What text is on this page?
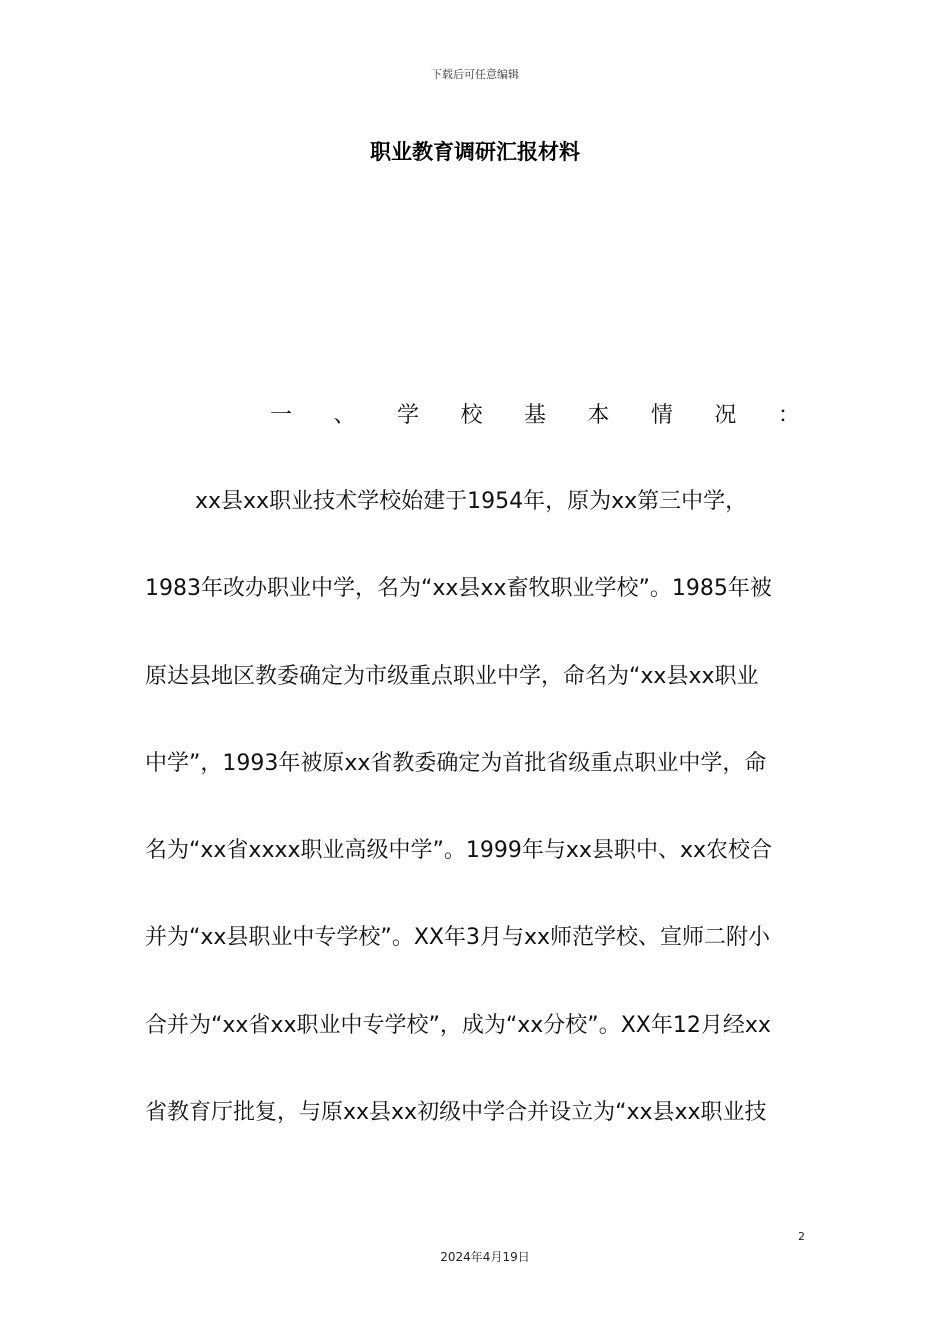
下载后可任意编辑
职业教育调研汇报材料
一 、 学 校 基 本 情 况 ：
xx县xx职业技术学校始建于1954年，原为xx第三中学，
1983年改办职业中学，名为“xx县xx畜牧职业学校”。1985年被
原达县地区教委确定为市级重点职业中学，命名为“xx县xx职业
中学”，1993年被原xx省教委确定为首批省级重点职业中学，命
名为“xx省xxxx职业高级中学”。1999年与xx县职中、xx农校合
并为“xx县职业中专学校”。XX年3月与xx师范学校、宣师二附小
合并为“xx省xx职业中专学校”，成为“xx分校”。XX年12月经xx
省教育厅批复，与原xx县xx初级中学合并设立为“xx县xx职业技
2
2024年4月19日
